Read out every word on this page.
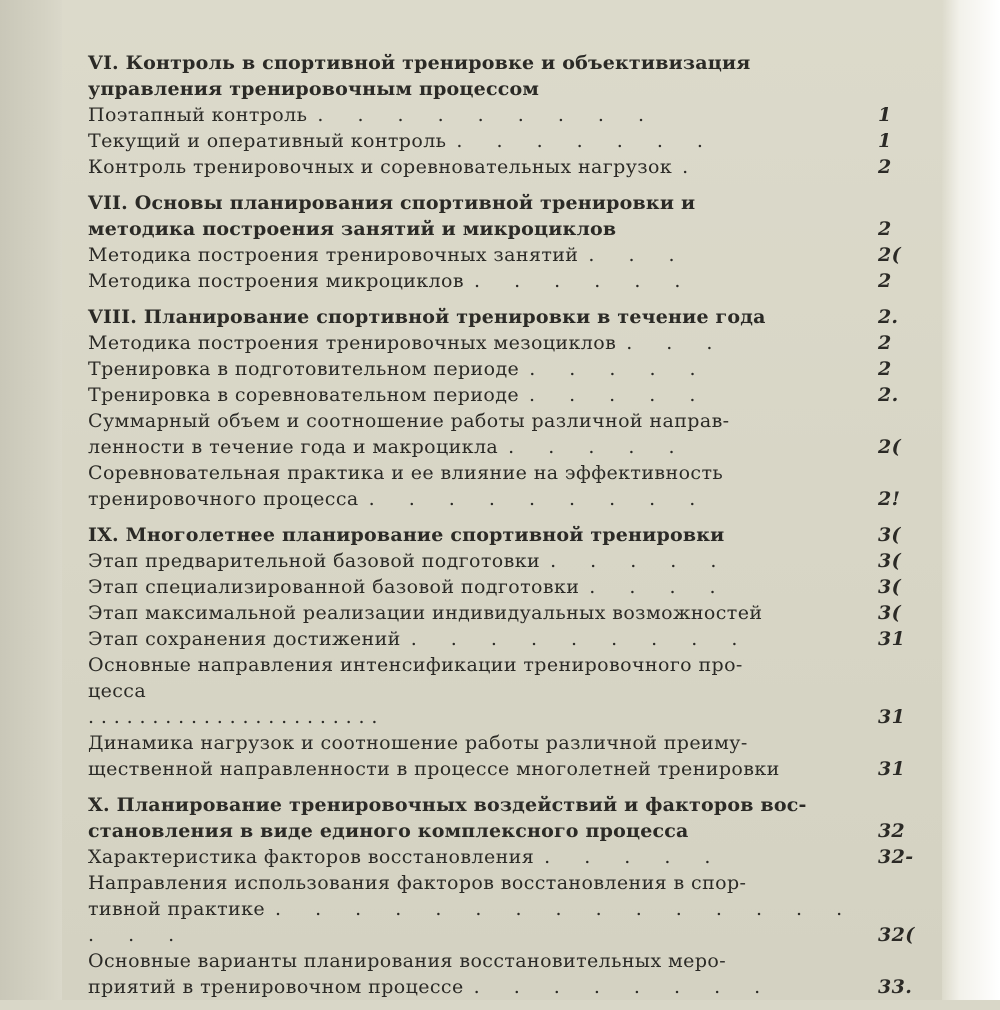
VI. Контроль в спортивной тренировке и объективизация
управления тренировочным процессом
Поэтапный контроль . . . . . . . . .	1
Текущий и оперативный контроль . . . . . . .	1
Контроль тренировочных и соревновательных нагрузок .	2
VII. Основы планирования спортивной тренировки и
методика построения занятий и микроциклов	2
Методика построения тренировочных занятий . . .	2(
Методика построения микроциклов . . . . . .	2
VIII. Планирование спортивной тренировки в течение года	2.
Методика построения тренировочных мезоциклов . . .	2
Тренировка в подготовительном периоде . . . . .	2
Тренировка в соревновательном периоде . . . . .	2.
Суммарный объем и соотношение работы различной направ-
ленности в течение года и макроцикла . . . . .	2(
Соревновательная практика и ее влияние на эффективность
тренировочного процесса . . . . . . . . .	2!
IX. Многолетнее планирование спортивной тренировки	3(
Этап предварительной базовой подготовки . . . . .	3(
Этап специализированной базовой подготовки . . . .	3(
Этап максимальной реализации индивидуальных возможностей	3(
Этап сохранения достижений . . . . . . . . .	31
Основные направления интенсификации тренировочного про-
цесса
. . . . . . . . . . . . . . . . . . . . . . .	31
Динамика нагрузок и соотношение работы различной преиму-
щественной направленности в процессе многолетней тренировки	31
X. Планирование тренировочных воздействий и факторов вос-
становления в виде единого комплексного процесса	32
Характеристика факторов восстановления . . . . .	32-
Направления использования факторов восстановления в спор-
тивной практике . . . . . . . . . . . . . . . . . .	32(
Основные варианты планирования восстановительных меро-
приятий в тренировочном процессе . . . . . . . .	33.
